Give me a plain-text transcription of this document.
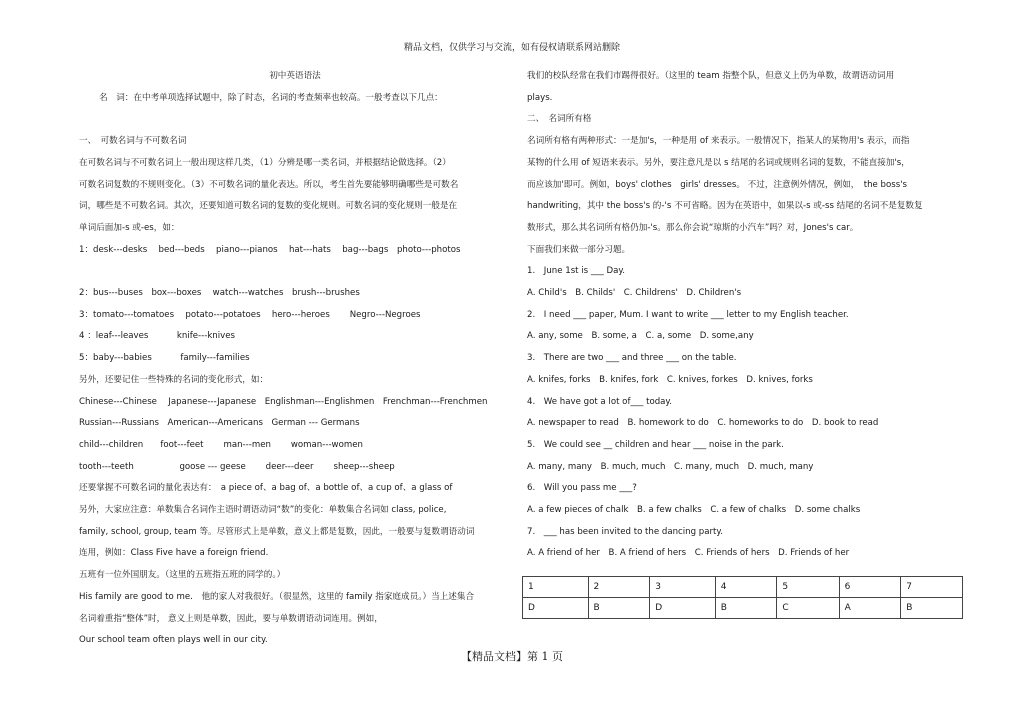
精品文档，仅供学习与交流，如有侵权请联系网站删除

初中英语语法

名　词：在中考单项选择试题中，除了时态，名词的考查频率也较高。一般考查以下几点：

一、　可数名词与不可数名词

在可数名词与不可数名词上一般出现这样几类，（1）分辨是哪一类名词，并根据结论做选择。（2）

可数名词复数的不规则变化。（3）不可数名词的量化表达。所以，考生首先要能够明确哪些是可数名

词，哪些是不可数名词。其次，还要知道可数名词的复数的变化规则。可数名词的变化规则一般是在

单词后面加-s 或-es，如：

1：desk---desks　 bed---beds　 piano---pianos　 hat---hats　 bag---bags　photo---photos

2：bus---buses　box---boxes　 watch---watches　brush---brushes

3：tomato---tomatoes　 potato---potatoes　 hero---heroes　　 Negro---Negroes

4 ：leaf---leaves　　　 knife---knives

5：baby---babies　　　 family---families

另外，还要记住一些特殊的名词的变化形式，如：

Chinese---Chinese　 Japanese---Japanese　Englishman---Englishmen　Frenchman---Frenchmen

Russian---Russians　American---Americans　German --- Germans

child---children　　foot---feet　　 man---men　　 woman---women

tooth---teeth　　　　　 goose --- geese　　 deer---deer　　 sheep---sheep

还要掌握不可数名词的量化表达有：　a piece of、a bag of、a bottle of、a cup of、a glass of

另外，大家应注意：单数集合名词作主语时谓语动词“数”的变化：单数集合名词如 class, police,

family, school, group, team 等。尽管形式上是单数，意义上都是复数，因此，一般要与复数谓语动词

连用，例如：Class Five have a foreign friend.

五班有一位外国朋友。（这里的五班指五班的同学的。）

His family are good to me.　他的家人对我很好。（很显然，这里的 family 指家庭成员。）当上述集合

名词着重指“整体”时， 意义上则是单数，因此，要与单数谓语动词连用。例如，

Our school team often plays well in our city.

我们的校队经常在我们市踢得很好。（这里的 team 指整个队，但意义上仍为单数，故谓语动词用

plays.

二、　名词所有格

名词所有格有两种形式：一是加's，一种是用 of 来表示。一般情况下，指某人的某物用's 表示，而指

某物的什么用 of 短语来表示。另外，要注意凡是以 s 结尾的名词或规则名词的复数，不能直接加's，

而应该加'即可。例如，boys' clothes　girls' dresses。 不过，注意例外情况，例如，　the boss's

handwriting，其中 the boss's 的-'s 不可省略。因为在英语中，如果以-s 或-ss 结尾的名词不是复数复

数形式，那么其名词所有格仍加-'s。那么你会说“琼斯的小汽车”吗？对，Jones's car。

下面我们来做一部分习题。

1.　June 1st is ___ Day.

A. Child's　B. Childs'　C. Childrens'　D. Children's

2.　I need ___ paper, Mum. I want to write ___ letter to my English teacher.

A. any, some　B. some, a　C. a, some　D. some,any

3.　There are two ___ and three ___ on the table.

A. knifes, forks　B. knifes, fork　C. knives, forkes　D. knives, forks

4.　We have got a lot of___ today.

A. newspaper to read　B. homework to do　C. homeworks to do　D. book to read

5.　We could see __ children and hear ___ noise in the park.

A. many, many　B. much, much　C. many, much　D. much, many

6.　Will you pass me ___?

A. a few pieces of chalk　B. a few chalks　C. a few of chalks　D. some chalks

7.　___ has been invited to the dancing party.

A. A friend of her　B. A friend of hers　C. Friends of hers　D. Friends of her

1	2	3	4	5	6	7
D	B	D	B	C	A	B
【精品文档】第 1 页
